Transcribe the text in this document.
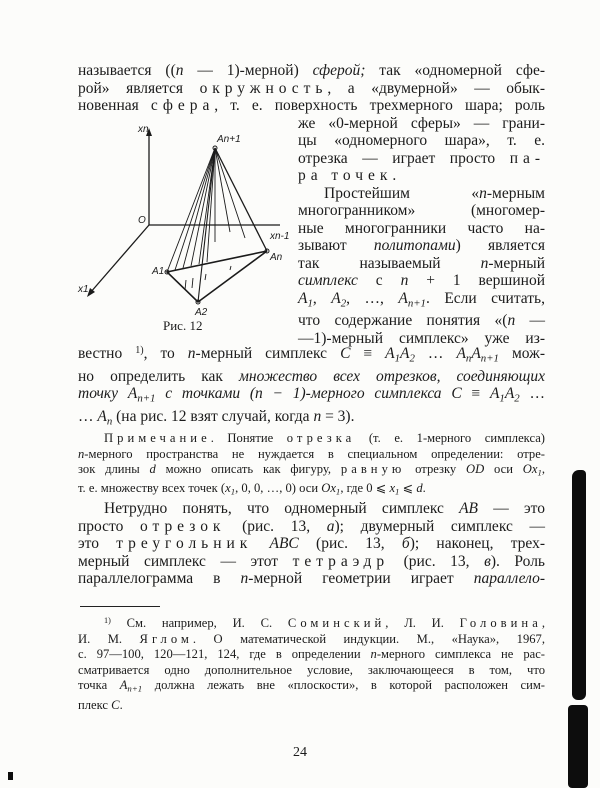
называется ((n — 1)-мерной) сферой; так «одномерной сфе-
рой» является окружность, а «двумерной» — обык-
новенная сфера, т. е. поверхность трехмерного шара; роль
же «0-мерной сферы» — грани-
цы «одномерного шара», т. е.
отрезка — играет просто па-
ра точек.
Простейшим «n-мерным
многогранником» (многомер-
ные многогранники часто на-
зывают политопами) является
так называемый n-мерный
симплекс с n + 1 вершиной
$A_1$, $A_2$, …, $A_{n+1}$. Если считать,
что содержание понятия «(n —
—1)-мерный симплекс» уже из-
вестно $^{1)}$, то n-мерный симплекс $C \equiv A_1A_2$ … $A_nA_{n+1}$ мож-
но определить как множество всех отрезков, соединяющих
точку $A_{n+1}$ с точками (n − 1)-мерного симплекса $C \equiv A_1A_2$ …
… $A_n$ (на рис. 12 взят случай, когда n = 3).
Примечание. Понятие отрезка (т. е. 1-мерного симплекса)
n-мерного пространства не нуждается в специальном определении: отре-
зок длины d можно описать как фигуру, равную отрезку OD оси $Ox_1$,
т. е. множеству всех точек ($x_1$, 0, 0, …, 0) оси $Ox_1$, где 0 ⩽ $x_1$ ⩽ d.
Нетрудно понять, что одномерный симплекс AB — это
просто отрезок (рис. 13, а); двумерный симплекс —
это треугольник ABC (рис. 13, б); наконец, трех-
мерный симплекс — этот тетраэдр (рис. 13, в). Роль
параллелограмма в n-мерной геометрии играет параллело-
$^{1)}$ См. например, И. С. Соминский, Л. И. Головина,
И. М. Яглом. О математической индукции. М., «Наука», 1967,
с. 97—100, 120—121, 124, где в определении n-мерного симплекса не рас-
сматривается одно дополнительное условие, заключающееся в том, что
точка $A_{n+1}$ должна лежать вне «плоскости», в которой расположен сим-
плекс C.
xn
An+1
O
xn-1
A1
An
A2
x1
Рис. 12
24
